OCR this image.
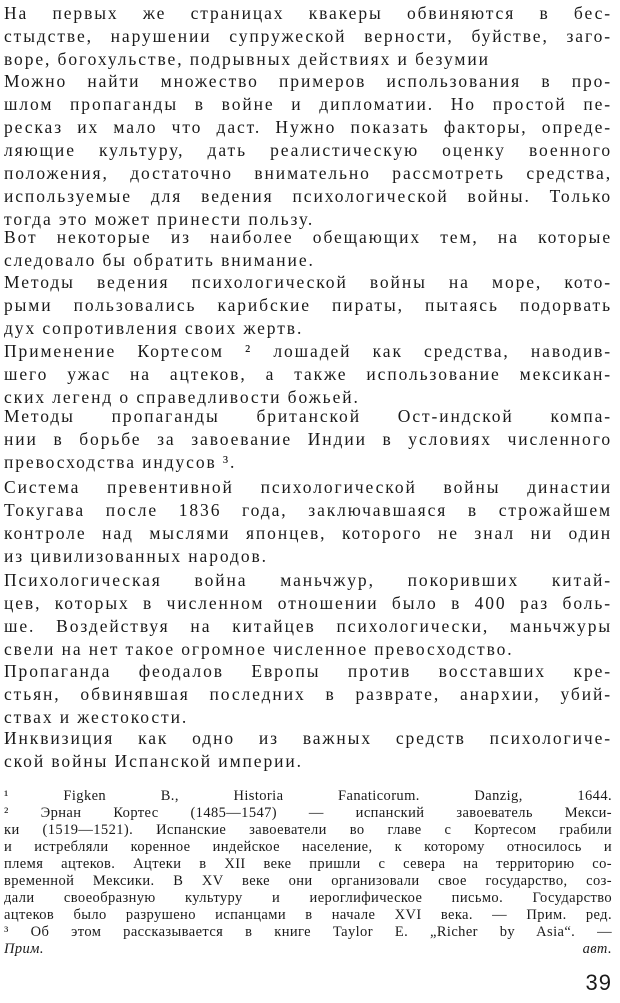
На первых же страницах квакеры обвиняются в бес-
стыдстве, нарушении супружеской верности, буйстве, заго-
воре, богохульстве, подрывных действиях и безумии
Можно найти множество примеров использования в про-
шлом пропаганды в войне и дипломатии. Но простой пе-
ресказ их мало что даст. Нужно показать факторы, опреде-
ляющие культуру, дать реалистическую оценку военного
положения, достаточно внимательно рассмотреть средства,
используемые для ведения психологической войны. Только
тогда это может принести пользу.
Вот некоторые из наиболее обещающих тем, на которые
следовало бы обратить внимание.
Методы ведения психологической войны на море, кото-
рыми пользовались карибские пираты, пытаясь подорвать
дух сопротивления своих жертв.
Применение Кортесом ² лошадей как средства, наводив-
шего ужас на ацтеков, а также использование мексикан-
ских легенд о справедливости божьей.
Методы пропаганды британской Ост-индской компа-
нии в борьбе за завоевание Индии в условиях численного
превосходства индусов ³.
Система превентивной психологической войны династии
Токугава после 1836 года, заключавшаяся в строжайшем
контроле над мыслями японцев, которого не знал ни один
из цивилизованных народов.
Психологическая война маньчжур, покоривших китай-
цев, которых в численном отношении было в 400 раз боль-
ше. Воздействуя на китайцев психологически, маньчжуры
свели на нет такое огромное численное превосходство.
Пропаганда феодалов Европы против восставших кре-
стьян, обвинявшая последних в разврате, анархии, убий-
ствах и жестокости.
Инквизиция как одно из важных средств психологиче-
ской войны Испанской империи.
¹ Figken B., Historia Fanaticorum. Danzig, 1644.
² Эрнан Кортес (1485—1547) — испанский завоеватель Мекси-
ки (1519—1521). Испанские завоеватели во главе с Кортесом грабили
и истребляли коренное индейское население, к которому относилось и
племя ацтеков. Ацтеки в XII веке пришли с севера на территорию со-
временной Мексики. В XV веке они организовали свое государство, соз-
дали своеобразную культуру и иероглифическое письмо. Государство
ацтеков было разрушено испанцами в начале XVI века. — Прим. ред.
³ Об этом рассказывается в книге Taylor E. „Richer by Asia“. —
Прим. авт.
39
